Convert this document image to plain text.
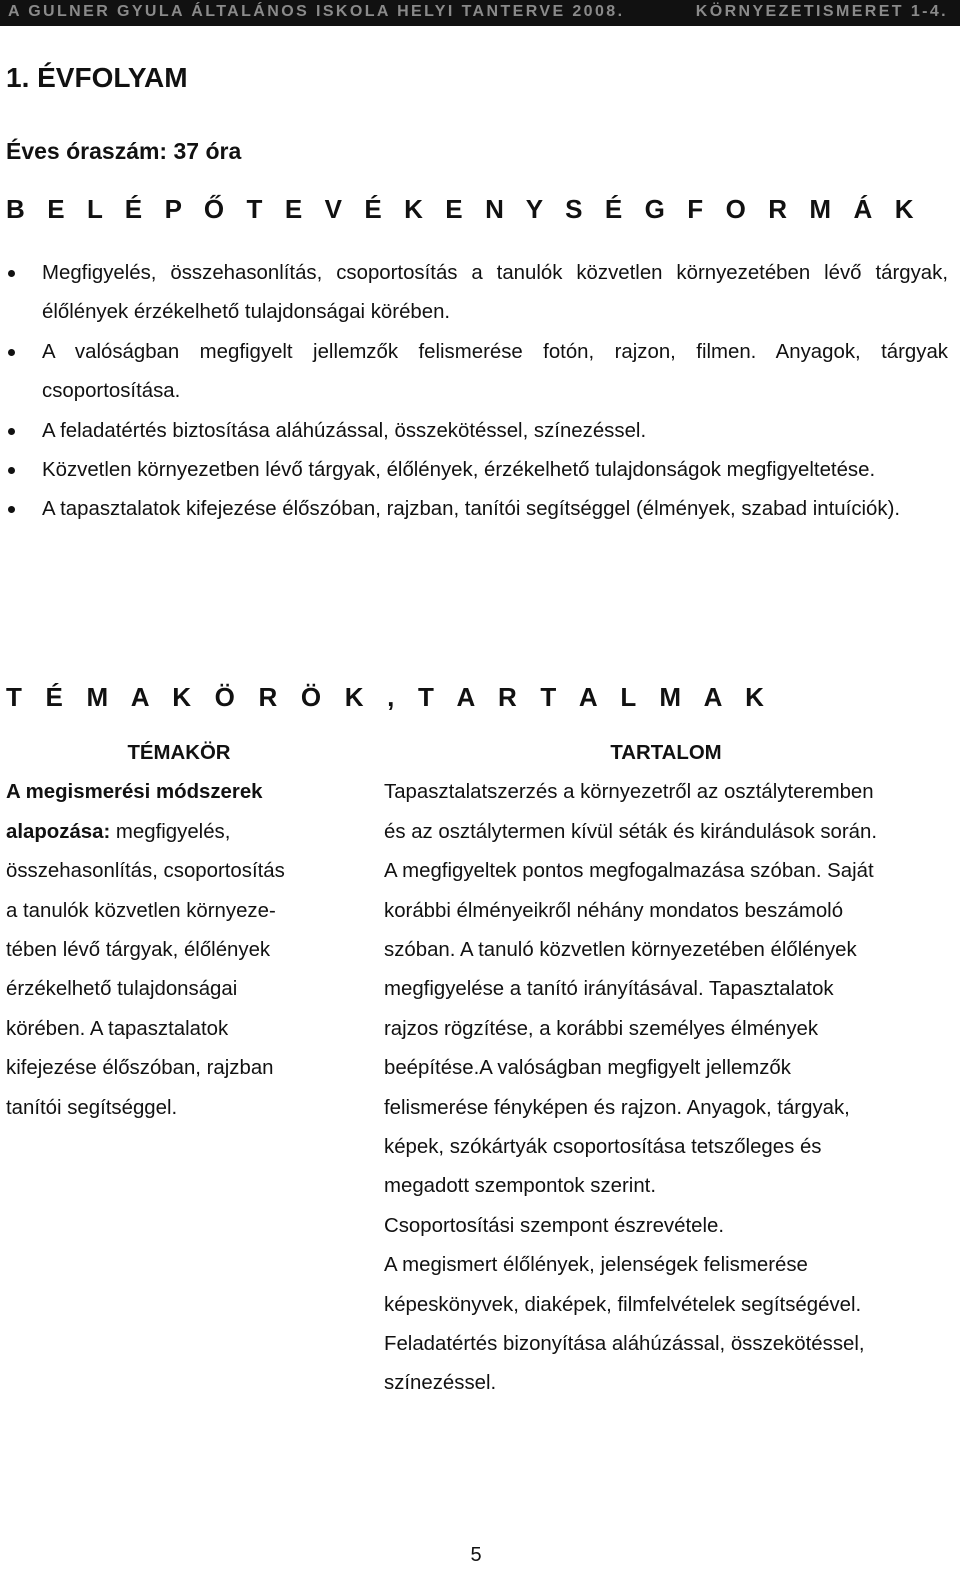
A GULNER GYULA ÁLTALÁNOS ISKOLA HELYI TANTERVE 2008.	KÖRNYEZETISMERET 1-4.
1. ÉVFOLYAM
Éves óraszám: 37 óra
B E L É P Ő T E V É K E N Y S É G F O R M Á K
Megfigyelés, összehasonlítás, csoportosítás a tanulók közvetlen környezetében lévő tárgyak, élőlények érzékelhető tulajdonságai körében.
A valóságban megfigyelt jellemzők felismerése fotón, rajzon, filmen. Anyagok, tárgyak csoportosítása.
A feladatértés biztosítása aláhúzással, összekötéssel, színezéssel.
Közvetlen környezetben lévő tárgyak, élőlények, érzékelhető tulajdonságok megfigyeltetése.
A tapasztalatok kifejezése élőszóban, rajzban, tanítói segítséggel (élmények, szabad intuíciók).
T É M A K Ö R Ö K , T A R T A L M A K
TÉMAKÖR
A megismerési módszerek
alapozása: megfigyelés,
összehasonlítás, csoportosítás
a tanulók közvetlen környeze-
tében lévő tárgyak, élőlények
érzékelhető tulajdonságai
körében. A tapasztalatok
kifejezése élőszóban, rajzban
tanítói segítséggel.
TARTALOM
Tapasztalatszerzés a környezetről az osztályteremben
és az osztálytermen kívül séták és kirándulások során.
A megfigyeltek pontos megfogalmazása szóban. Saját
korábbi élményeikről néhány mondatos beszámoló
szóban. A tanuló közvetlen környezetében élőlények
megfigyelése a tanító irányításával. Tapasztalatok
rajzos rögzítése, a korábbi személyes élmények
beépítése.A valóságban megfigyelt jellemzők
felismerése fényképen és rajzon. Anyagok, tárgyak,
képek, szókártyák csoportosítása tetszőleges és
megadott szempontok szerint.
Csoportosítási szempont észrevétele.
A megismert élőlények, jelenségek felismerése
képeskönyvek, diaképek, filmfelvételek segítségével.
Feladatértés bizonyítása aláhúzással, összekötéssel,
színezéssel.
5
